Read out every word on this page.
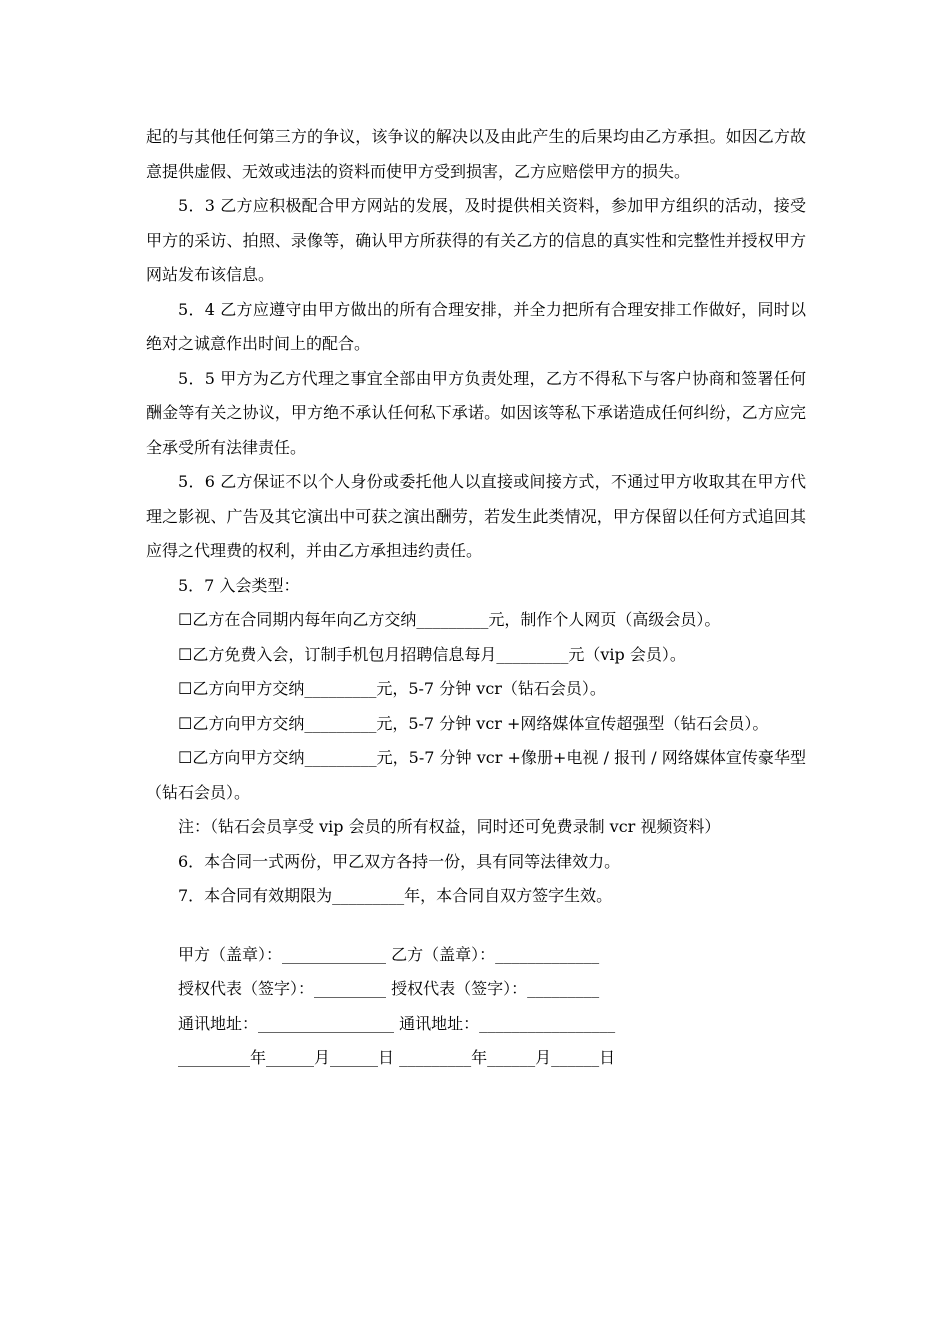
起的与其他任何第三方的争议，该争议的解决以及由此产生的后果均由乙方承担。如因乙方故意提供虚假、无效或违法的资料而使甲方受到损害，乙方应赔偿甲方的损失。

5．3 乙方应积极配合甲方网站的发展，及时提供相关资料，参加甲方组织的活动，接受甲方的采访、拍照、录像等，确认甲方所获得的有关乙方的信息的真实性和完整性并授权甲方网站发布该信息。

5．4 乙方应遵守由甲方做出的所有合理安排，并全力把所有合理安排工作做好，同时以绝对之诚意作出时间上的配合。

5．5 甲方为乙方代理之事宜全部由甲方负责处理，乙方不得私下与客户协商和签署任何酬金等有关之协议，甲方绝不承认任何私下承诺。如因该等私下承诺造成任何纠纷，乙方应完全承受所有法律责任。

5．6 乙方保证不以个人身份或委托他人以直接或间接方式，不通过甲方收取其在甲方代理之影视、广告及其它演出中可获之演出酬劳，若发生此类情况，甲方保留以任何方式追回其应得之代理费的权利，并由乙方承担违约责任。

5．7 入会类型：

☐乙方在合同期内每年向乙方交纳_________元，制作个人网页（高级会员）。

☐乙方免费入会，订制手机包月招聘信息每月_________元（vip 会员）。

☐乙方向甲方交纳_________元，5-7 分钟 vcr（钻石会员）。

☐乙方向甲方交纳_________元，5-7 分钟 vcr +网络媒体宣传超强型（钻石会员）。

☐乙方向甲方交纳_________元，5-7 分钟 vcr +像册+电视 / 报刊 / 网络媒体宣传豪华型（钻石会员）。

注：（钻石会员享受 vip 会员的所有权益，同时还可免费录制 vcr 视频资料）

6．本合同一式两份，甲乙双方各持一份，具有同等法律效力。

7．本合同有效期限为_________年，本合同自双方签字生效。

甲方（盖章）：_____________ 乙方（盖章）：_____________

授权代表（签字）：_________ 授权代表（签字）：_________

通讯地址：_________________ 通讯地址：_________________

_________年______月______日 _________年______月______日
